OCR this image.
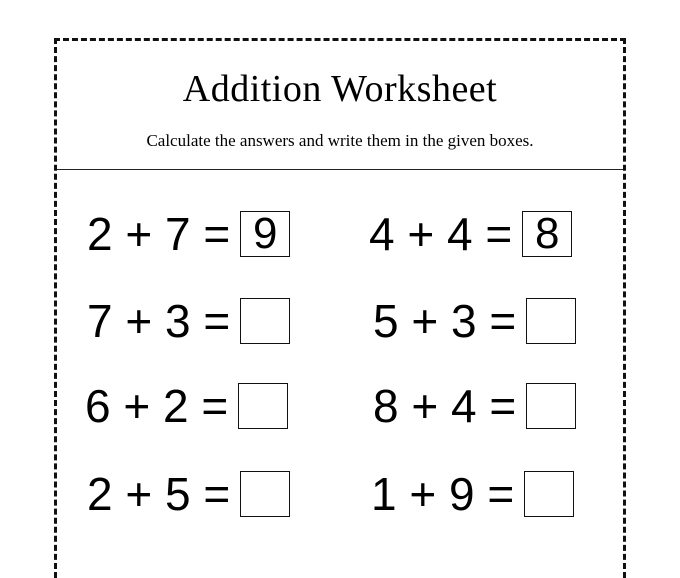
Addition Worksheet
Calculate the answers and write them in the given boxes.
2 + 7 = 9 4 + 4 = 8
7 + 3 =	5 + 3 =
6 + 2 =	8 + 4 =
2 + 5 =	1 + 9 =
